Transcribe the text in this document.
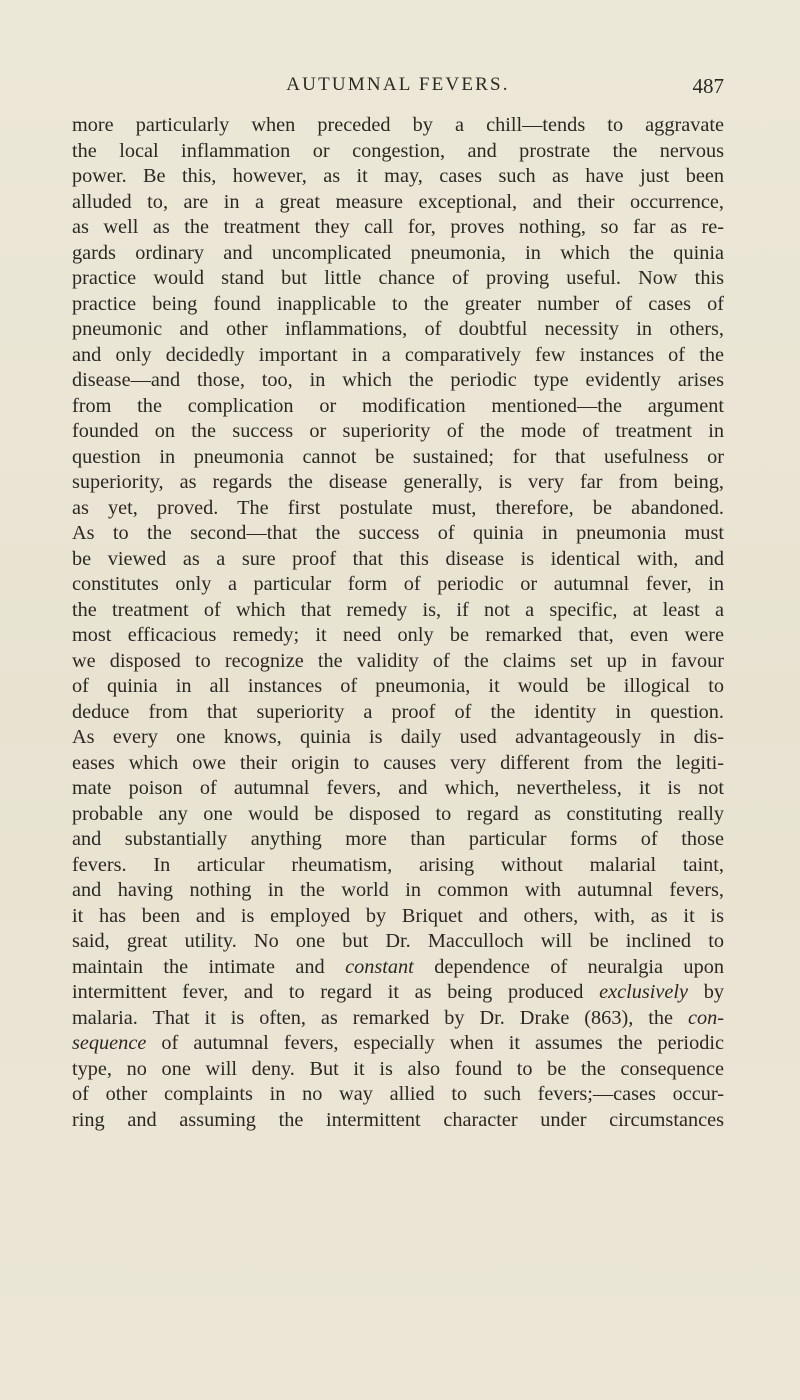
AUTUMNAL FEVERS.	487
more particularly when preceded by a chill—tends to aggravate
the local inflammation or congestion, and prostrate the nervous
power. Be this, however, as it may, cases such as have just been
alluded to, are in a great measure exceptional, and their occurrence,
as well as the treatment they call for, proves nothing, so far as re-
gards ordinary and uncomplicated pneumonia, in which the quinia
practice would stand but little chance of proving useful. Now this
practice being found inapplicable to the greater number of cases of
pneumonic and other inflammations, of doubtful necessity in others,
and only decidedly important in a comparatively few instances of the
disease—and those, too, in which the periodic type evidently arises
from the complication or modification mentioned—the argument
founded on the success or superiority of the mode of treatment in
question in pneumonia cannot be sustained; for that usefulness or
superiority, as regards the disease generally, is very far from being,
as yet, proved. The first postulate must, therefore, be abandoned.
As to the second—that the success of quinia in pneumonia must
be viewed as a sure proof that this disease is identical with, and
constitutes only a particular form of periodic or autumnal fever, in
the treatment of which that remedy is, if not a specific, at least a
most efficacious remedy; it need only be remarked that, even were
we disposed to recognize the validity of the claims set up in favour
of quinia in all instances of pneumonia, it would be illogical to
deduce from that superiority a proof of the identity in question.
As every one knows, quinia is daily used advantageously in dis-
eases which owe their origin to causes very different from the legiti-
mate poison of autumnal fevers, and which, nevertheless, it is not
probable any one would be disposed to regard as constituting really
and substantially anything more than particular forms of those
fevers. In articular rheumatism, arising without malarial taint,
and having nothing in the world in common with autumnal fevers,
it has been and is employed by Briquet and others, with, as it is
said, great utility. No one but Dr. Macculloch will be inclined to
maintain the intimate and constant dependence of neuralgia upon
intermittent fever, and to regard it as being produced exclusively by
malaria. That it is often, as remarked by Dr. Drake (863), the con-
sequence of autumnal fevers, especially when it assumes the periodic
type, no one will deny. But it is also found to be the consequence
of other complaints in no way allied to such fevers;—cases occur-
ring and assuming the intermittent character under circumstances
